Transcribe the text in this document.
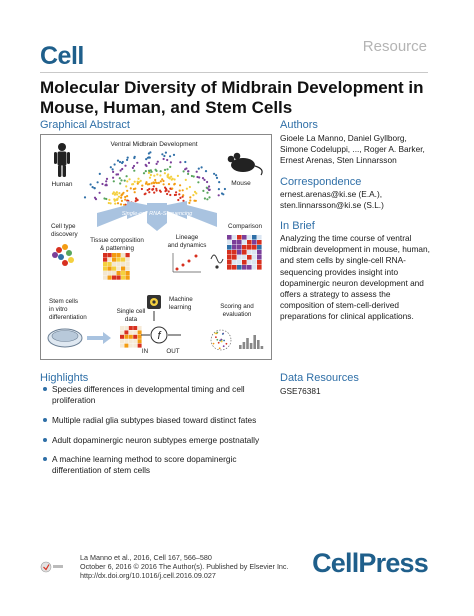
Cell	Resource
Molecular Diversity of Midbrain Development in
Mouse, Human, and Stem Cells
Graphical Abstract
Ventral Midbrain Development
Human	Mouse
Single-cell RNA-Sequencing
Cell type
discovery
Tissue composition
& patterning
Lineage
and dynamics
Comparison
Stem cells
in vitro
differentiation
Single cell
data
Machine
learning
f
IN	OUT
Scoring and
evaluation
Authors
Gioele La Manno, Daniel Gyllborg,
Simone Codeluppi, ..., Roger A. Barker,
Ernest Arenas, Sten Linnarsson
Correspondence
ernest.arenas@ki.se (E.A.),
sten.linnarsson@ki.se (S.L.)
In Brief
Analyzing the time course of ventral
midbrain development in mouse, human,
and stem cells by single-cell RNA-
sequencing provides insight into
dopaminergic neuron development and
offers a strategy to assess the
composition of stem-cell-derived
preparations for clinical applications.
Data Resources
GSE76381
Highlights
Species differences in developmental timing and cell
proliferation
Multiple radial glia subtypes biased toward distinct fates
Adult dopaminergic neuron subtypes emerge postnatally
A machine learning method to score dopaminergic
differentiation of stem cells
La Manno et al., 2016, Cell 167, 566–580
October 6, 2016 © 2016 The Author(s). Published by Elsevier Inc.
http://dx.doi.org/10.1016/j.cell.2016.09.027	CellPress
